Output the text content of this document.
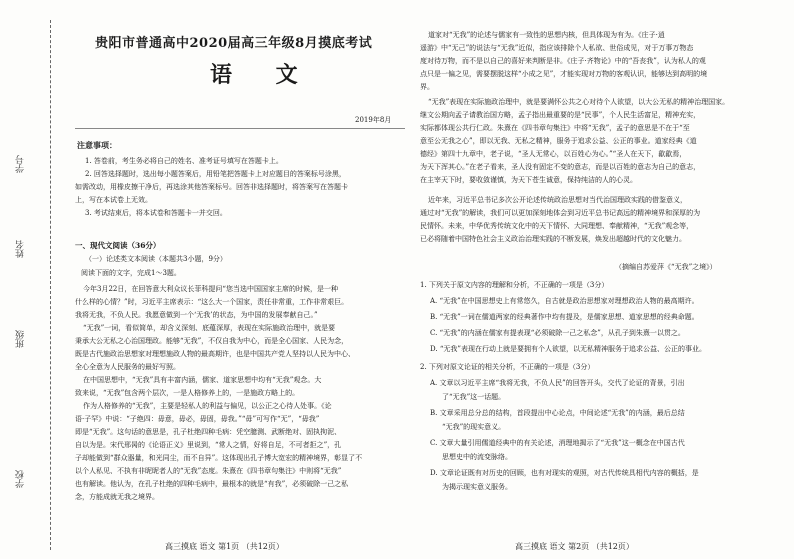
学校
班级
姓名
学号
贵阳市普通高中2020届高三年级8月摸底考试
语 文
2019年8月
注意事项：
1. 答卷前，考生务必将自己的姓名、准考证号填写在答题卡上。
2. 回答选择题时，选出每小题答案后，用铅笔把答题卡上对应题目的答案标号涂黑，
如需改动，用橡皮擦干净后，再选涂其他答案标号。回答非选择题时，将答案写在答题卡
上，写在本试卷上无效。
3. 考试结束后，将本试卷和答题卡一并交回。
一、现代文阅读（36分）
（一）论述类文本阅读（本题共3小题，9分）
阅读下面的文字，完成1～3题。
今年3月22日，在回答意大利众议长菲科提问“您当选中国国家主席的时候，是一种
什么样的心情？”时，习近平主席表示：“这么大一个国家，责任非常重，工作非常艰巨。
我将无我，不负人民。我愿意做到一个‘无我’的状态，为中国的发展奉献自己。”
“无我”一词，看似简单，却含义深刻、底蕴深厚，表现在实际施政治理中，就是要
秉承大公无私之心治国理政。能够“无我”，不仅自我为中心，而是全心国家、人民为念，
既是古代施政治思想家对理想施政人物的最高期许，也是中国共产党人坚持以人民为中心、
全心全意为人民服务的最好写照。
在中国思想中，“无我”具有丰富内涵，儒家、道家思想中均有“无我”观念。大
致来说，“无我”包含两个层次，一是人格修养上的，一是施政方略上的。
作为人格修养的“无我”，主要是轻私人的利益与偏见，以公正之心待人处事。《论
语·子罕》中说：“子绝四：毋意，毋必，毋固，毋我。”“毋”可写作“无”，“毋我”
即是“无我”。这句话的意思是，孔子杜绝四种毛病：凭空臆测、武断绝对、固执拘泥、
自以为是。宋代邢昺的《论语正义》里说到，“常人之情，好将自足，不可者拒之”，孔
子却能做到“群众器量，和光同尘，而不自异”。这体现出孔子博大宽宏的精神境界，彰显了不
以个人私见、不执有非昵昵者人的“无我”态度。朱熹在《四书章句集注》中则将“无我”
也有解读。他认为，在孔子杜绝的四种毛病中，最根本的就是“有我”，必须破除一己之私
念，方能成就无我之境界。
高三摸底 语文 第1页 （共12页）
道家对“无我”的论述与儒家有一致性的思想内核，但具体现为有为。《庄子·逍
遥游》中“无己”的说法与“无我”近似，指应该排除个人私欲、世俗成见，对于万事万物态
度对待万物，而不是以自己的喜好来判断是非。《庄子·齐物论》中的“吾丧我”，认为私人的观
点只是一偏之见，需要摆脱这样“小成之见”，才能实现对万物的客观认识，能够达到高明的境
界。
“无我”表现在实际施政治理中，就是要满怀公共之心对待个人欲望，以大公无私的精神治理国家。
继文公期向孟子请教治国方略，孟子指出最重要的是“民事”，个人民生活富足，精神充实，
实际都体现公共行仁政。朱熹在《四书章句集注》中将“无我”，孟子的意思是不在于“至
意至公无我之心”，即以无我、无私之精神，服务于追求公益、公正的事业。道家经典《道
德经》第四十九章中，老子说，“圣人无常心，以百姓心为心。”“圣人在天下，歙歙焉，
为天下浑其心。”在老子看来，圣人没有固定不变的意志，而是以百姓的意志为自己的意志，
在主宰天下时，要收敛谨慎，为天下苍生诚意，保持纯洁的人的心灵。
近年来，习近平总书记多次公开论述传统政治思想对当代治国理政实践的借鉴意义，
通过对“无我”的解读，我们可以更加深刻地体会到习近平总书记高远的精神境界和深厚的为
民情怀。未来，中华优秀传统文化中的天下情怀、大同理想、奉献精神，“无我”观念等，
已必将随着中国特色社会主义政治治理实践的不断发展，焕发出超越时代的文化魅力。
（摘编自苏爱萍《“无我”之境》）
1. 下列关于原文内容的理解和分析，不正确的一项是（3分）
A. “无我”在中国思想史上有常悠久，自古就是政治思想家对理想政治人物的最高期许。
B. “无我”一词在儒道两家的经典著作中均有提及，是儒家思想、道家思想的经典命题。
C. “无我”的内涵在儒家有提表现“必须破除一己之私念”，从孔子到朱熹一以贯之。
D. “无我”表现在行动上就是要拥有个人欲望，以无私精神服务于追求公益、公正的事业。
2. 下列对原文论证的相关分析，不正确的一项是（3分）
A. 文章以习近平主席“我将无我，不负人民”的回答开头，交代了论证的背景，引出
了“无我”这一话题。
B. 文章采用总分总的结构，首段提出中心论点，中间论述“无我”的内涵，最后总结
“无我”的现实意义。
C. 文章大量引用儒道经典中的有关论述，消理地揭示了“无我”这一概念在中国古代
思想史中的流变脉络。
D. 文章论证既有对历史的回顾，也有对现实的观照，对古代传统具相代内容的概括，是
为揭示现实意义服务。
高三摸底 语文 第2页 （共12页）
